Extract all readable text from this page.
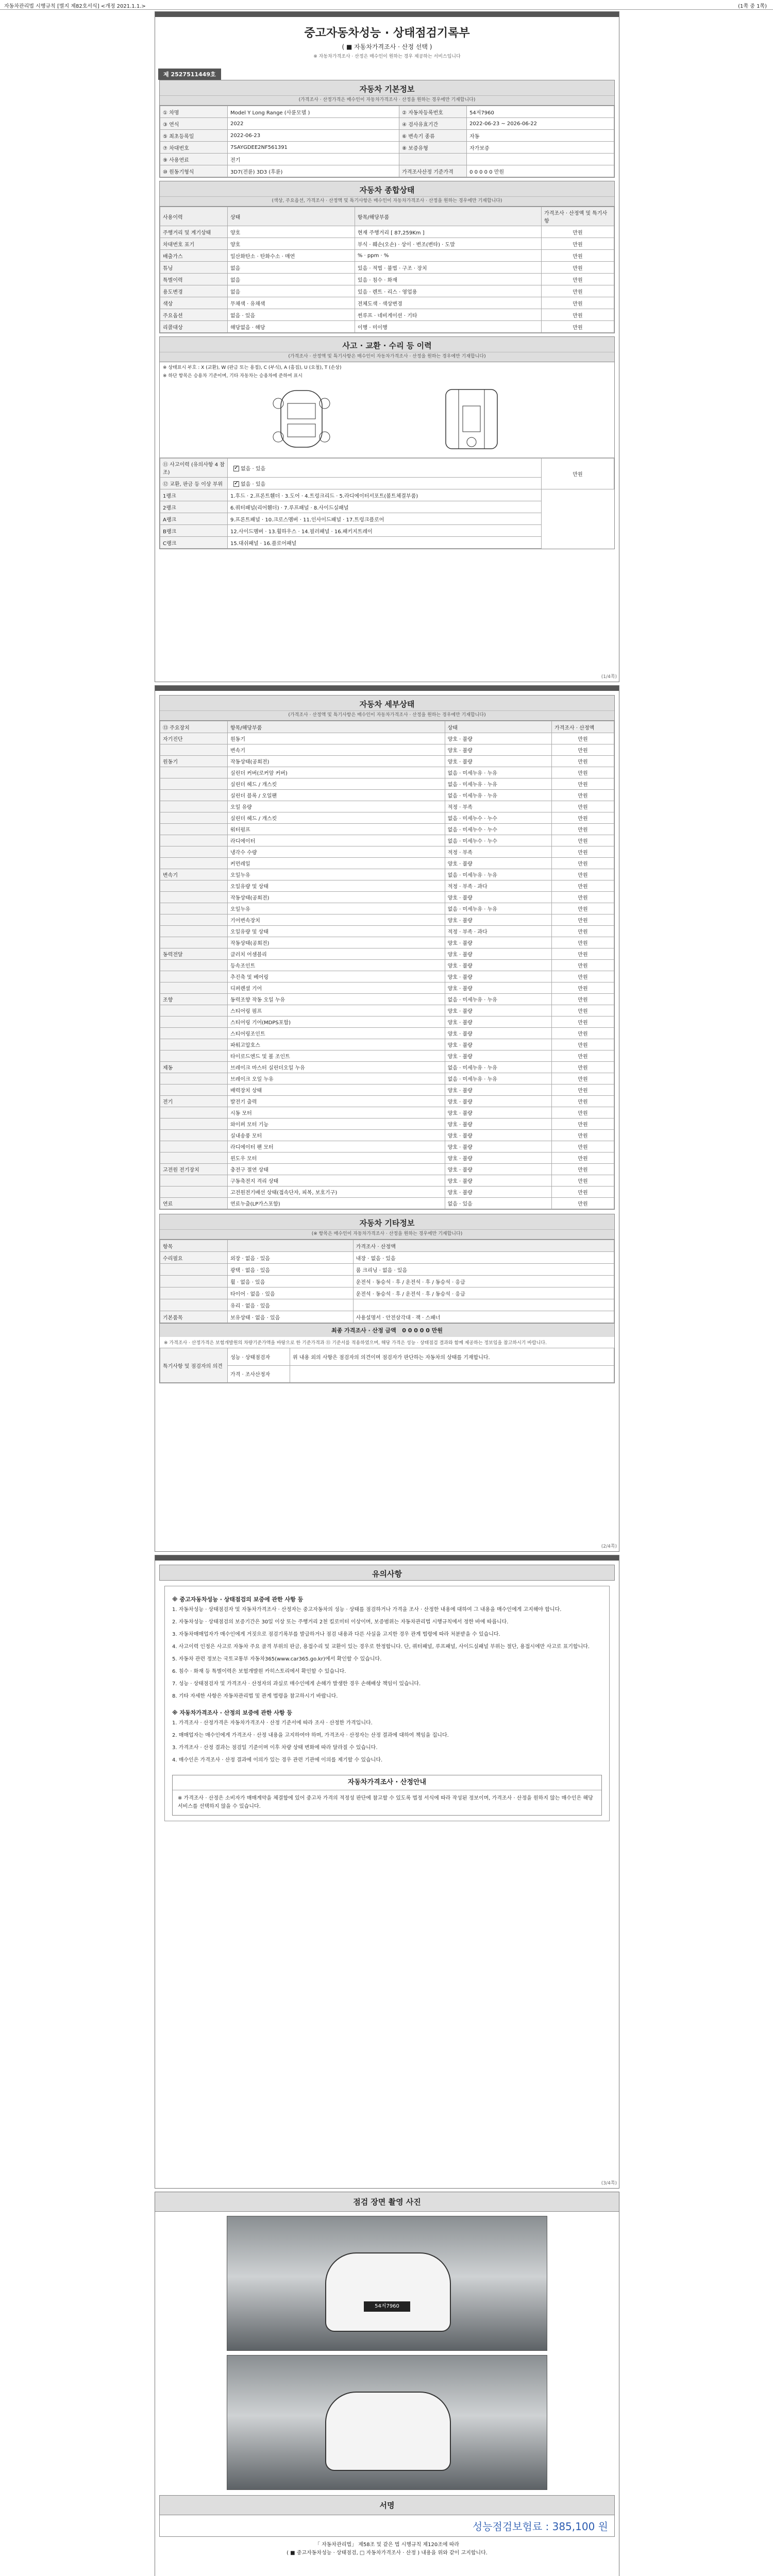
자동차관리법 시행규칙 [별지 제82호서식] <개정 2021.1.1.>	(1쪽 중 1쪽)
중고자동차성능 · 상태점검기록부
( ■ 자동차가격조사 · 산정 선택 )
※ 자동차가격조사 · 산정은 매수인이 원하는 경우 제공하는 서비스입니다
제 2527511449호
자동차 기본정보
(가격조사 · 산정가격은 매수인이 자동차가격조사 · 산정을 원하는 경우에만 기재합니다)
① 차명	Model Y Long Range (사륜모델 )	② 자동차등록번호	54저7960
③ 연식	2022	④ 검사유효기간	2022-06-23 ~ 2026-06-22
⑤ 최초등록일	2022-06-23	⑥ 변속기 종류	자동
⑦ 차대번호	7SAYGDEE2NF561391	⑧ 보증유형	자가보증
⑨ 사용연료	전기		
⑩ 원동기형식	3D7(전륜) 3D3 (후륜)	가격조사산정 기준가격	0 0 0 0 0 만원
자동차 종합상태
(색상, 주요옵션, 가격조사 · 산정액 및 특기사항은 매수인이 자동차가격조사 · 산정을 원하는 경우에만 기재합니다)
사용이력	상태	항목/해당부품	가격조사 · 산정액 및 특기사항
주행거리 및 계기상태	양호	현재 주행거리 [ 87,259Km ]	만원
차대번호 표기	양호	부식 · 훼손(오손) · 상이 · 변조(변타) · 도말	만원
배출가스	일산화탄소 · 탄화수소 · 매연	% · ppm · %	만원
튜닝	없음	있음 · 적법 · 불법 · 구조 · 장치	만원
특별이력	없음	있음 · 침수 · 화재	만원
용도변경	없음	있음 · 렌트 · 리스 · 영업용	만원
색상	무채색 · 유채색	전체도색 · 색상변경	만원
주요옵션	없음 · 있음	썬루프 · 네비게이션 · 기타	만원
리콜대상	해당없음 · 해당	이행 · 미이행	만원
사고 · 교환 · 수리 등 이력
(가격조사 · 산정액 및 특기사항은 매수인이 자동차가격조사 · 산정을 원하는 경우에만 기재합니다)
※ 상태표시 부호 : X (교환), W (판금 또는 용접), C (부식), A (흠집), U (요철), T (손상)
※ 하단 항목은 승용차 기준이며, 기타 자동차는 승용차에 준하여 표시
⑪ 사고이력 (유의사항 4 참조)	✓없음 · 있음	만원
⑫ 교환, 판금 등 이상 부위	✓없음 · 있음
1랭크	1.후드 · 2.프론트휀더 · 3.도어 · 4.트렁크리드 · 5.라디에이터서포트(볼트체결부품)	
2랭크	6.쿼터패널(리어휀더) · 7.루프패널 · 8.사이드실패널	
A랭크	9.프론트패널 · 10.크로스멤버 · 11.인사이드패널 · 17.트렁크플로어	
B랭크	12.사이드멤버 · 13.휠하우스 · 14.필러패널 · 16.패키지트레이	
C랭크	15.대쉬패널 · 16.플로어패널	
(1/4쪽)
자동차 세부상태
(가격조사 · 산정액 및 특기사항은 매수인이 자동차가격조사 · 산정을 원하는 경우에만 기재합니다)
⑬ 주요장치	항목/해당부품	상태	가격조사 · 산정액
자기진단	원동기	양호 · 불량	만원
	변속기	양호 · 불량	만원
원동기	작동상태(공회전)	양호 · 불량	만원
	실린더 커버(로커암 커버)	없음 · 미세누유 · 누유	만원
	실린더 헤드 / 개스킷	없음 · 미세누유 · 누유	만원
	실린더 블록 / 오일팬	없음 · 미세누유 · 누유	만원
	오일 유량	적정 · 부족	만원
	실린더 헤드 / 개스킷	없음 · 미세누수 · 누수	만원
	워터펌프	없음 · 미세누수 · 누수	만원
	라디에이터	없음 · 미세누수 · 누수	만원
	냉각수 수량	적정 · 부족	만원
	커먼레일	양호 · 불량	만원
변속기	오일누유	없음 · 미세누유 · 누유	만원
	오일유량 및 상태	적정 · 부족 · 과다	만원
	작동상태(공회전)	양호 · 불량	만원
	오일누유	없음 · 미세누유 · 누유	만원
	기어변속장치	양호 · 불량	만원
	오일유량 및 상태	적정 · 부족 · 과다	만원
	작동상태(공회전)	양호 · 불량	만원
동력전달	클러치 어셈블리	양호 · 불량	만원
	등속조인트	양호 · 불량	만원
	추진축 및 베어링	양호 · 불량	만원
	디퍼렌셜 기어	양호 · 불량	만원
조향	동력조향 작동 오일 누유	없음 · 미세누유 · 누유	만원
	스티어링 펌프	양호 · 불량	만원
	스티어링 기어(MDPS포함)	양호 · 불량	만원
	스티어링조인트	양호 · 불량	만원
	파워고압호스	양호 · 불량	만원
	타이로드엔드 및 볼 조인트	양호 · 불량	만원
제동	브레이크 마스터 실린더오일 누유	없음 · 미세누유 · 누유	만원
	브레이크 오일 누유	없음 · 미세누유 · 누유	만원
	배력장치 상태	양호 · 불량	만원
전기	발전기 출력	양호 · 불량	만원
	시동 모터	양호 · 불량	만원
	와이퍼 모터 기능	양호 · 불량	만원
	실내송풍 모터	양호 · 불량	만원
	라디에이터 팬 모터	양호 · 불량	만원
	윈도우 모터	양호 · 불량	만원
고전원 전기장치	충전구 절연 상태	양호 · 불량	만원
	구동축전지 격리 상태	양호 · 불량	만원
	고전원전기배선 상태(접속단자, 피복, 보호기구)	양호 · 불량	만원
연료	연료누출(LP가스포함)	없음 · 있음	만원
자동차 기타정보
(※ 항목은 매수인이 자동차가격조사 · 산정을 원하는 경우에만 기재합니다)
항목		가격조사 · 산정액
수리필요	외장 · 없음 · 있음	내장 · 없음 · 있음
	광택 · 없음 · 있음	룸 크리닝 · 없음 · 있음
	휠 · 없음 · 있음	운전석 · 동승석 · 후 / 운전석 · 후 / 동승석 · 응급
	타이어 · 없음 · 있음	운전석 · 동승석 · 후 / 운전석 · 후 / 동승석 · 응급
	유리 · 없음 · 있음	
기본품목	보유상태 · 없음 · 있음	사용설명서 · 안전삼각대 · 잭 · 스패너
최종 가격조사 · 산정 금액 0 0 0 0 0 만원
※ 가격조사 · 산정가격은 보험개발원의 차량기준가액을 바탕으로 한 기준가격과 ⑪ 기준서를 적용하였으며, 해당 가격은 성능 · 상태점검 결과와 함께 제공하는 정보임을 참고하시기 바랍니다.
특기사항 및 점검자의 의견	성능 · 상태점검자	위 내용 외의 사항은 점검자의 의견이며 점검자가 판단하는 자동차의 상태를 기재합니다.
	가격 · 조사산정자	
(2/4쪽)
유의사항
※ 중고자동차성능 · 상태점검의 보증에 관한 사항 등

1. 자동차성능 · 상태점검자 및 자동차가격조사 · 산정자는 중고자동차의 성능 · 상태를 점검하거나 가격을 조사 · 산정한 내용에 대하여 그 내용을 매수인에게 고지해야 합니다.

2. 자동차성능 · 상태점검의 보증기간은 30일 이상 또는 주행거리 2천 킬로미터 이상이며, 보증범위는 자동차관리법 시행규칙에서 정한 바에 따릅니다.

3. 자동차매매업자가 매수인에게 거짓으로 점검기록부를 발급하거나 점검 내용과 다른 사실을 고지한 경우 관계 법령에 따라 처분받을 수 있습니다.

4. 사고이력 인정은 사고로 자동차 주요 골격 부위의 판금, 용접수리 및 교환이 있는 경우로 한정합니다. 단, 쿼터패널, 루프패널, 사이드실패널 부위는 절단, 용접시에만 사고로 표기합니다.

5. 자동차 관련 정보는 국토교통부 자동차365(www.car365.go.kr)에서 확인할 수 있습니다.

6. 침수 · 화재 등 특별이력은 보험개발원 카히스토리에서 확인할 수 있습니다.

7. 성능 · 상태점검자 및 가격조사 · 산정자의 과실로 매수인에게 손해가 발생한 경우 손해배상 책임이 있습니다.

8. 기타 자세한 사항은 자동차관리법 및 관계 법령을 참고하시기 바랍니다.

※ 자동차가격조사 · 산정의 보증에 관한 사항 등

1. 가격조사 · 산정가격은 자동차가격조사 · 산정 기준서에 따라 조사 · 산정한 가격입니다.

2. 매매업자는 매수인에게 가격조사 · 산정 내용을 고지하여야 하며, 가격조사 · 산정자는 산정 결과에 대하여 책임을 집니다.

3. 가격조사 · 산정 결과는 점검일 기준이며 이후 차량 상태 변화에 따라 달라질 수 있습니다.

4. 매수인은 가격조사 · 산정 결과에 이의가 있는 경우 관련 기관에 이의를 제기할 수 있습니다.

자동차가격조사 · 산정안내
※ 가격조사 · 산정은 소비자가 매매계약을 체결함에 있어 중고차 가격의 적정성 판단에 참고할 수 있도록 법정 서식에 따라 작성된 정보이며, 가격조사 · 산정을 원하지 않는 매수인은 해당 서비스를 선택하지 않을 수 있습니다.
(3/4쪽)
점검 장면 촬영 사진
54저7960
서명
성능점검보험료 : 385,100 원
「 자동차관리법」 제58조 및 같은 법 시행규칙 제120조에 따라
( ■ 중고자동차성능 · 상태점검, □ 자동차가격조사 · 산정 ) 내용을 위와 같이 고지합니다.
